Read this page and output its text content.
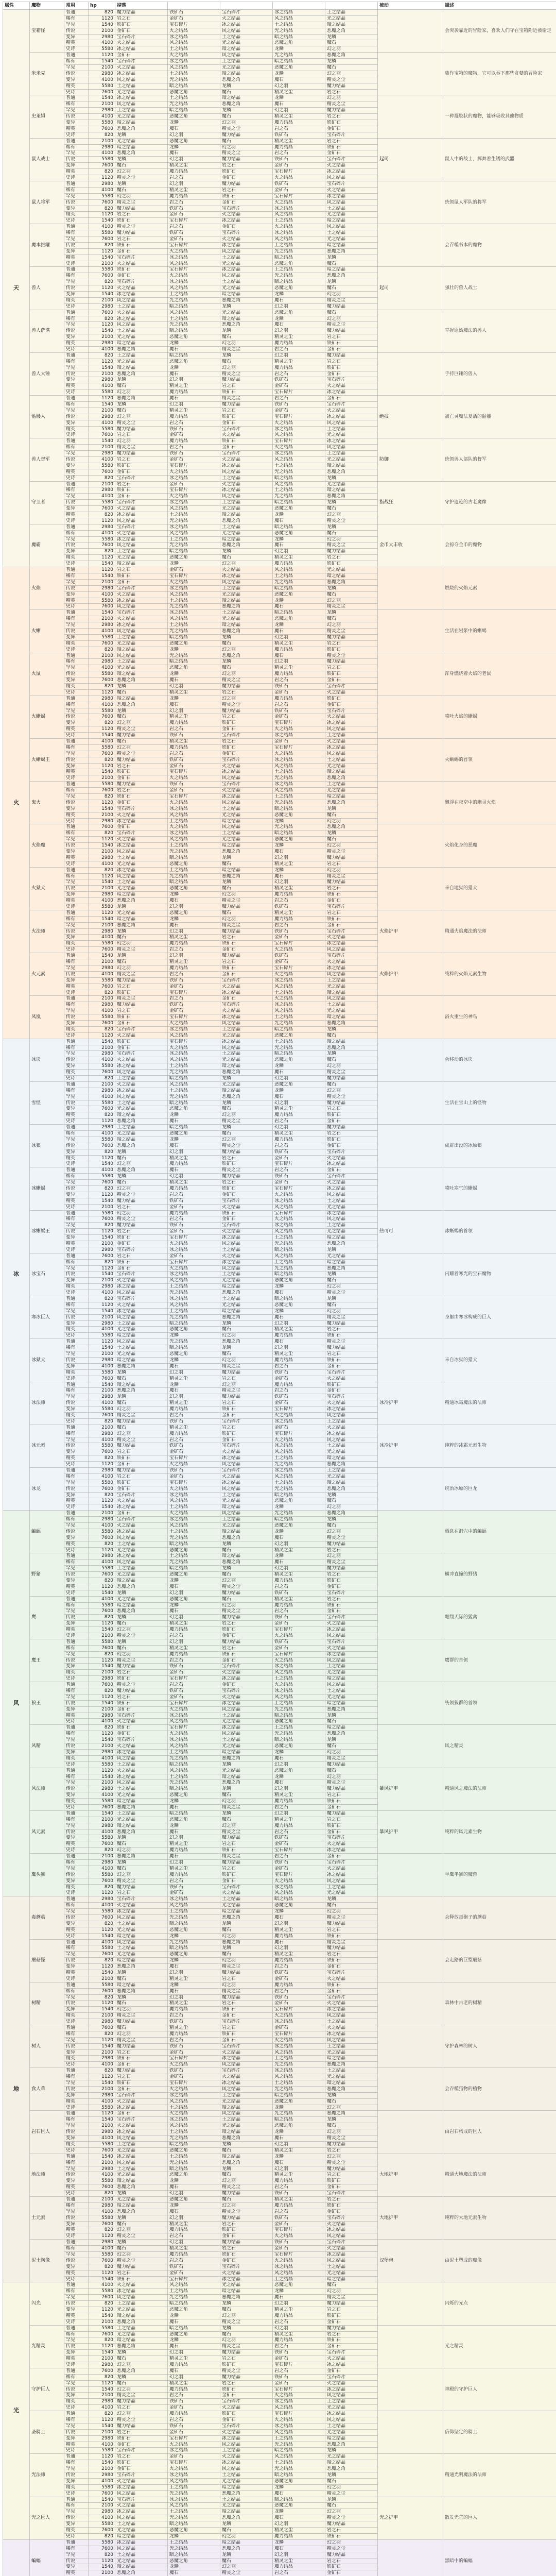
属性	魔物	常用	hp	掉落					被动	描述
天	宝箱怪	普通	820	魔力结晶	铁矿石	宝石碎片	冰之结晶	土之结晶		会突袭靠近的冒险家，喜欢人们守在宝箱附近被偷走
		稀有	1120	岩之石	金矿石	火之结晶	风之结晶	光之结晶		
		罕见	1540	铁矿石	宝石碎片	冰之结晶	土之结晶	暗之结晶		
		传说	2100	金矿石	火之结晶	风之结晶	光之结晶	恶魔之角		
		变异	2980	宝石碎片	冰之结晶	土之结晶	暗之结晶	龙鳞		
		精英	4100	火之结晶	风之结晶	光之结晶	恶魔之角	魔石		
		史诗	5580	冰之结晶	土之结晶	暗之结晶	龙鳞	幻之羽		
	米米克	普通	1120	金矿石	火之结晶	风之结晶	光之结晶	恶魔之角		装作宝箱的魔物，它可以吞下那些贪婪的冒险家
		稀有	1540	宝石碎片	冰之结晶	土之结晶	暗之结晶	龙鳞		
		罕见	2100	火之结晶	风之结晶	光之结晶	恶魔之角	魔石		
		传说	2980	冰之结晶	土之结晶	暗之结晶	龙鳞	幻之羽		
		变异	4100	风之结晶	光之结晶	恶魔之角	魔石	精灵之尘		
		精英	5580	土之结晶	暗之结晶	龙鳞	幻之羽	魔力结晶		
		史诗	7600	光之结晶	恶魔之角	魔石	精灵之尘	岩之石		
	史莱姆	普通	1540	冰之结晶	土之结晶	暗之结晶	龙鳞	幻之羽		一种凝胶状的魔物，能够吸收其他物质
		稀有	2100	风之结晶	光之结晶	恶魔之角	魔石	精灵之尘		
		罕见	2980	土之结晶	暗之结晶	龙鳞	幻之羽	魔力结晶		
		传说	4100	光之结晶	恶魔之角	魔石	精灵之尘	岩之石		
		变异	5580	暗之结晶	龙鳞	幻之羽	魔力结晶	铁矿石		
		精英	7600	恶魔之角	魔石	精灵之尘	岩之石	金矿石		
		史诗	820	龙鳞	幻之羽	魔力结晶	铁矿石	宝石碎片		
	鼠人战士	普通	2100	光之结晶	恶魔之角	魔石	精灵之尘	岩之石	起司	鼠人中的战士，挥舞着生锈的武器
		稀有	2980	暗之结晶	龙鳞	幻之羽	魔力结晶	铁矿石		
		罕见	4100	恶魔之角	魔石	精灵之尘	岩之石	金矿石		
		传说	5580	龙鳞	幻之羽	魔力结晶	铁矿石	宝石碎片		
		变异	7600	魔石	精灵之尘	岩之石	金矿石	火之结晶		
		精英	820	幻之羽	魔力结晶	铁矿石	宝石碎片	冰之结晶		
		史诗	1120	精灵之尘	岩之石	金矿石	火之结晶	风之结晶		
	鼠人将军	普通	2980	龙鳞	幻之羽	魔力结晶	铁矿石	宝石碎片		统领鼠人军队的将军
		稀有	4100	魔石	精灵之尘	岩之石	金矿石	火之结晶		
		罕见	5580	幻之羽	魔力结晶	铁矿石	宝石碎片	冰之结晶		
		传说	7600	精灵之尘	岩之石	金矿石	火之结晶	风之结晶		
		变异	820	魔力结晶	铁矿石	宝石碎片	冰之结晶	土之结晶		
		精英	1120	岩之石	金矿石	火之结晶	风之结晶	光之结晶		
		史诗	1540	铁矿石	宝石碎片	冰之结晶	土之结晶	暗之结晶		
	魔本推罐	普通	4100	精灵之尘	岩之石	金矿石	火之结晶	风之结晶		会吞噬书本的魔物
		稀有	5580	魔力结晶	铁矿石	宝石碎片	冰之结晶	土之结晶		
		罕见	7600	岩之石	金矿石	火之结晶	风之结晶	光之结晶		
		传说	820	铁矿石	宝石碎片	冰之结晶	土之结晶	暗之结晶		
		变异	1120	金矿石	火之结晶	风之结晶	光之结晶	恶魔之角		
		精英	1540	宝石碎片	冰之结晶	土之结晶	暗之结晶	龙鳞		
		史诗	2100	火之结晶	风之结晶	光之结晶	恶魔之角	魔石		
	兽人	普通	5580	铁矿石	宝石碎片	冰之结晶	土之结晶	暗之结晶	起司	强壮的兽人战士
		稀有	7600	金矿石	火之结晶	风之结晶	光之结晶	恶魔之角		
		罕见	820	宝石碎片	冰之结晶	土之结晶	暗之结晶	龙鳞		
		传说	1120	火之结晶	风之结晶	光之结晶	恶魔之角	魔石		
		变异	1540	冰之结晶	土之结晶	暗之结晶	龙鳞	幻之羽		
		精英	2100	风之结晶	光之结晶	恶魔之角	魔石	精灵之尘		
		史诗	2980	土之结晶	暗之结晶	龙鳞	幻之羽	魔力结晶		
	兽人萨满	普通	7600	火之结晶	风之结晶	光之结晶	恶魔之角	魔石		掌握原始魔法的兽人
		稀有	820	冰之结晶	土之结晶	暗之结晶	龙鳞	幻之羽		
		罕见	1120	风之结晶	光之结晶	恶魔之角	魔石	精灵之尘		
		传说	1540	土之结晶	暗之结晶	龙鳞	幻之羽	魔力结晶		
		变异	2100	光之结晶	恶魔之角	魔石	精灵之尘	岩之石		
		精英	2980	暗之结晶	龙鳞	幻之羽	魔力结晶	铁矿石		
		史诗	4100	恶魔之角	魔石	精灵之尘	岩之石	金矿石		
	兽人大锤	普通	820	土之结晶	暗之结晶	龙鳞	幻之羽	魔力结晶		手持巨锤的兽人
		稀有	1120	光之结晶	恶魔之角	魔石	精灵之尘	岩之石		
		罕见	1540	暗之结晶	龙鳞	幻之羽	魔力结晶	铁矿石		
		传说	2100	恶魔之角	魔石	精灵之尘	岩之石	金矿石		
		变异	2980	龙鳞	幻之羽	魔力结晶	铁矿石	宝石碎片		
		精英	4100	魔石	精灵之尘	岩之石	金矿石	火之结晶		
		史诗	5580	幻之羽	魔力结晶	铁矿石	宝石碎片	冰之结晶		
	骷髅人	普通	1120	恶魔之角	魔石	精灵之尘	岩之石	金矿石	绝技	被亡灵魔法复活的骷髅
		稀有	1540	龙鳞	幻之羽	魔力结晶	铁矿石	宝石碎片		
		罕见	2100	魔石	精灵之尘	岩之石	金矿石	火之结晶		
		传说	2980	幻之羽	魔力结晶	铁矿石	宝石碎片	冰之结晶		
		变异	4100	精灵之尘	岩之石	金矿石	火之结晶	风之结晶		
		精英	5580	魔力结晶	铁矿石	宝石碎片	冰之结晶	土之结晶		
		史诗	7600	岩之石	金矿石	火之结晶	风之结晶	光之结晶		
	兽人督军	普通	1540	幻之羽	魔力结晶	铁矿石	宝石碎片	冰之结晶	防御	统领兽人部队的督军
		稀有	2100	精灵之尘	岩之石	金矿石	火之结晶	风之结晶		
		罕见	2980	魔力结晶	铁矿石	宝石碎片	冰之结晶	土之结晶		
		传说	4100	岩之石	金矿石	火之结晶	风之结晶	光之结晶		
		变异	5580	铁矿石	宝石碎片	冰之结晶	土之结晶	暗之结晶		
		精英	7600	金矿石	火之结晶	风之结晶	光之结晶	恶魔之角		
		史诗	820	宝石碎片	冰之结晶	土之结晶	暗之结晶	龙鳞		
	守卫者	普通	2100	岩之石	金矿石	火之结晶	风之结晶	光之结晶	指战狂	守护遗迹的古老魔像
		稀有	2980	铁矿石	宝石碎片	冰之结晶	土之结晶	暗之结晶		
		罕见	4100	金矿石	火之结晶	风之结晶	光之结晶	恶魔之角		
		传说	5580	宝石碎片	冰之结晶	土之结晶	暗之结晶	龙鳞		
		变异	7600	火之结晶	风之结晶	光之结晶	恶魔之角	魔石		
		精英	820	冰之结晶	土之结晶	暗之结晶	龙鳞	幻之羽		
		史诗	1120	风之结晶	光之结晶	恶魔之角	魔石	精灵之尘		
	魔霸	普通	2980	宝石碎片	冰之结晶	土之结晶	暗之结晶	龙鳞	金币大丰收	会掠夺金币的魔物
		稀有	4100	火之结晶	风之结晶	光之结晶	恶魔之角	魔石		
		罕见	5580	冰之结晶	土之结晶	暗之结晶	龙鳞	幻之羽		
		传说	7600	风之结晶	光之结晶	恶魔之角	魔石	精灵之尘		
		变异	820	土之结晶	暗之结晶	龙鳞	幻之羽	魔力结晶		
		精英	1120	光之结晶	恶魔之角	魔石	精灵之尘	岩之石		
		史诗	1540	暗之结晶	龙鳞	幻之羽	魔力结晶	铁矿石		
火	火焰	普通	1120	岩之石	金矿石	火之结晶	风之结晶	光之结晶		燃烧的火焰元素
		稀有	1540	铁矿石	宝石碎片	冰之结晶	土之结晶	暗之结晶		
		罕见	2100	金矿石	火之结晶	风之结晶	光之结晶	恶魔之角		
		传说	2980	宝石碎片	冰之结晶	土之结晶	暗之结晶	龙鳞		
		变异	4100	火之结晶	风之结晶	光之结晶	恶魔之角	魔石		
		精英	5580	冰之结晶	土之结晶	暗之结晶	龙鳞	幻之羽		
		史诗	7600	风之结晶	光之结晶	恶魔之角	魔石	精灵之尘		
	火蜥	普通	1540	宝石碎片	冰之结晶	土之结晶	暗之结晶	龙鳞		生活在岩浆中的蜥蜴
		稀有	2100	火之结晶	风之结晶	光之结晶	恶魔之角	魔石		
		罕见	2980	冰之结晶	土之结晶	暗之结晶	龙鳞	幻之羽		
		传说	4100	风之结晶	光之结晶	恶魔之角	魔石	精灵之尘		
		变异	5580	土之结晶	暗之结晶	龙鳞	幻之羽	魔力结晶		
		精英	7600	光之结晶	恶魔之角	魔石	精灵之尘	岩之石		
		史诗	820	暗之结晶	龙鳞	幻之羽	魔力结晶	铁矿石		
	火鼠	普通	2100	风之结晶	光之结晶	恶魔之角	魔石	精灵之尘		浑身燃烧着火焰的老鼠
		稀有	2980	土之结晶	暗之结晶	龙鳞	幻之羽	魔力结晶		
		罕见	4100	光之结晶	恶魔之角	魔石	精灵之尘	岩之石		
		传说	5580	暗之结晶	龙鳞	幻之羽	魔力结晶	铁矿石		
		变异	7600	恶魔之角	魔石	精灵之尘	岩之石	金矿石		
		精英	820	龙鳞	幻之羽	魔力结晶	铁矿石	宝石碎片		
		史诗	1120	魔石	精灵之尘	岩之石	金矿石	火之结晶		
	火蜥蜴	普通	2980	暗之结晶	龙鳞	幻之羽	魔力结晶	铁矿石		喷吐火焰的蜥蜴
		稀有	4100	恶魔之角	魔石	精灵之尘	岩之石	金矿石		
		罕见	5580	龙鳞	幻之羽	魔力结晶	铁矿石	宝石碎片		
		传说	7600	魔石	精灵之尘	岩之石	金矿石	火之结晶		
		变异	820	幻之羽	魔力结晶	铁矿石	宝石碎片	冰之结晶		
		精英	1120	精灵之尘	岩之石	金矿石	火之结晶	风之结晶		
		史诗	1540	魔力结晶	铁矿石	宝石碎片	冰之结晶	土之结晶		
	火蜥蜴王	普通	4100	魔石	精灵之尘	岩之石	金矿石	火之结晶		火蜥蜴的首领
		稀有	5580	幻之羽	魔力结晶	铁矿石	宝石碎片	冰之结晶		
		罕见	7600	精灵之尘	岩之石	金矿石	火之结晶	风之结晶		
		传说	820	魔力结晶	铁矿石	宝石碎片	冰之结晶	土之结晶		
		变异	1120	岩之石	金矿石	火之结晶	风之结晶	光之结晶		
		精英	1540	铁矿石	宝石碎片	冰之结晶	土之结晶	暗之结晶		
		史诗	2100	金矿石	火之结晶	风之结晶	光之结晶	恶魔之角		
	鬼火	普通	5580	魔力结晶	铁矿石	宝石碎片	冰之结晶	土之结晶		飘浮在夜空中的幽灵火焰
		稀有	7600	岩之石	金矿石	火之结晶	风之结晶	光之结晶		
		罕见	820	铁矿石	宝石碎片	冰之结晶	土之结晶	暗之结晶		
		传说	1120	金矿石	火之结晶	风之结晶	光之结晶	恶魔之角		
		变异	1540	宝石碎片	冰之结晶	土之结晶	暗之结晶	龙鳞		
		精英	2100	火之结晶	风之结晶	光之结晶	恶魔之角	魔石		
		史诗	2980	冰之结晶	土之结晶	暗之结晶	龙鳞	幻之羽		
	火焰魔	普通	7600	金矿石	火之结晶	风之结晶	光之结晶	恶魔之角		火焰化身的恶魔
		稀有	820	宝石碎片	冰之结晶	土之结晶	暗之结晶	龙鳞		
		罕见	1120	火之结晶	风之结晶	光之结晶	恶魔之角	魔石		
		传说	1540	冰之结晶	土之结晶	暗之结晶	龙鳞	幻之羽		
		变异	2100	风之结晶	光之结晶	恶魔之角	魔石	精灵之尘		
		精英	2980	土之结晶	暗之结晶	龙鳞	幻之羽	魔力结晶		
		史诗	4100	光之结晶	恶魔之角	魔石	精灵之尘	岩之石		
	火狱犬	普通	820	冰之结晶	土之结晶	暗之结晶	龙鳞	幻之羽		来自地狱的猎犬
		稀有	1120	风之结晶	光之结晶	恶魔之角	魔石	精灵之尘		
		罕见	1540	土之结晶	暗之结晶	龙鳞	幻之羽	魔力结晶		
		传说	2100	光之结晶	恶魔之角	魔石	精灵之尘	岩之石		
		变异	2980	暗之结晶	龙鳞	幻之羽	魔力结晶	铁矿石		
		精英	4100	恶魔之角	魔石	精灵之尘	岩之石	金矿石		
		史诗	5580	龙鳞	幻之羽	魔力结晶	铁矿石	宝石碎片		
	火法师	普通	1120	光之结晶	恶魔之角	魔石	精灵之尘	岩之石	火焰护甲	精通火焰魔法的法师
		稀有	1540	暗之结晶	龙鳞	幻之羽	魔力结晶	铁矿石		
		罕见	2100	恶魔之角	魔石	精灵之尘	岩之石	金矿石		
		传说	2980	龙鳞	幻之羽	魔力结晶	铁矿石	宝石碎片		
		变异	4100	魔石	精灵之尘	岩之石	金矿石	火之结晶		
		精英	5580	幻之羽	魔力结晶	铁矿石	宝石碎片	冰之结晶		
		史诗	7600	精灵之尘	岩之石	金矿石	火之结晶	风之结晶		
	火元素	普通	1540	龙鳞	幻之羽	魔力结晶	铁矿石	宝石碎片	火焰护甲	纯粹的火焰元素生物
		稀有	2100	魔石	精灵之尘	岩之石	金矿石	火之结晶		
		罕见	2980	幻之羽	魔力结晶	铁矿石	宝石碎片	冰之结晶		
		传说	4100	精灵之尘	岩之石	金矿石	火之结晶	风之结晶		
		变异	5580	魔力结晶	铁矿石	宝石碎片	冰之结晶	土之结晶		
		精英	7600	岩之石	金矿石	火之结晶	风之结晶	光之结晶		
		史诗	820	铁矿石	宝石碎片	冰之结晶	土之结晶	暗之结晶		
	凤凰	普通	2100	精灵之尘	岩之石	金矿石	火之结晶	风之结晶		浴火重生的神鸟
		稀有	2980	魔力结晶	铁矿石	宝石碎片	冰之结晶	土之结晶		
		罕见	4100	岩之石	金矿石	火之结晶	风之结晶	光之结晶		
		传说	5580	铁矿石	宝石碎片	冰之结晶	土之结晶	暗之结晶		
		变异	7600	金矿石	火之结晶	风之结晶	光之结晶	恶魔之角		
		精英	820	宝石碎片	冰之结晶	土之结晶	暗之结晶	龙鳞		
		史诗	1120	火之结晶	风之结晶	光之结晶	恶魔之角	魔石		
冰	冰块	普通	1540	铁矿石	宝石碎片	冰之结晶	土之结晶	暗之结晶		会移动的冰块
		稀有	2100	金矿石	火之结晶	风之结晶	光之结晶	恶魔之角		
		罕见	2980	宝石碎片	冰之结晶	土之结晶	暗之结晶	龙鳞		
		传说	4100	火之结晶	风之结晶	光之结晶	恶魔之角	魔石		
		变异	5580	冰之结晶	土之结晶	暗之结晶	龙鳞	幻之羽		
		精英	7600	风之结晶	光之结晶	恶魔之角	魔石	精灵之尘		
		史诗	820	土之结晶	暗之结晶	龙鳞	幻之羽	魔力结晶		
	雪怪	普通	2100	火之结晶	风之结晶	光之结晶	恶魔之角	魔石		生活在雪山上的怪物
		稀有	2980	冰之结晶	土之结晶	暗之结晶	龙鳞	幻之羽		
		罕见	4100	风之结晶	光之结晶	恶魔之角	魔石	精灵之尘		
		传说	5580	土之结晶	暗之结晶	龙鳞	幻之羽	魔力结晶		
		变异	7600	光之结晶	恶魔之角	魔石	精灵之尘	岩之石		
		精英	820	暗之结晶	龙鳞	幻之羽	魔力结晶	铁矿石		
		史诗	1120	恶魔之角	魔石	精灵之尘	岩之石	金矿石		
	冰狼	普通	2980	土之结晶	暗之结晶	龙鳞	幻之羽	魔力结晶		成群出没的冰原狼
		稀有	4100	光之结晶	恶魔之角	魔石	精灵之尘	岩之石		
		罕见	5580	暗之结晶	龙鳞	幻之羽	魔力结晶	铁矿石		
		传说	7600	恶魔之角	魔石	精灵之尘	岩之石	金矿石		
		变异	820	龙鳞	幻之羽	魔力结晶	铁矿石	宝石碎片		
		精英	1120	魔石	精灵之尘	岩之石	金矿石	火之结晶		
		史诗	1540	幻之羽	魔力结晶	铁矿石	宝石碎片	冰之结晶		
	冰蜥蜴	普通	4100	恶魔之角	魔石	精灵之尘	岩之石	金矿石		喷吐寒气的蜥蜴
		稀有	5580	龙鳞	幻之羽	魔力结晶	铁矿石	宝石碎片		
		罕见	7600	魔石	精灵之尘	岩之石	金矿石	火之结晶		
		传说	820	幻之羽	魔力结晶	铁矿石	宝石碎片	冰之结晶		
		变异	1120	精灵之尘	岩之石	金矿石	火之结晶	风之结晶		
		精英	1540	魔力结晶	铁矿石	宝石碎片	冰之结晶	土之结晶		
		史诗	2100	岩之石	金矿石	火之结晶	风之结晶	光之结晶		
	冰蜥蜴王	普通	5580	幻之羽	魔力结晶	铁矿石	宝石碎片	冰之结晶	热可可	冰蜥蜴的首领
		稀有	7600	精灵之尘	岩之石	金矿石	火之结晶	风之结晶		
		罕见	820	魔力结晶	铁矿石	宝石碎片	冰之结晶	土之结晶		
		传说	1120	岩之石	金矿石	火之结晶	风之结晶	光之结晶		
		变异	1540	铁矿石	宝石碎片	冰之结晶	土之结晶	暗之结晶		
		精英	2100	金矿石	火之结晶	风之结晶	光之结晶	恶魔之角		
		史诗	2980	宝石碎片	冰之结晶	土之结晶	暗之结晶	龙鳞		
	冰宝石	普通	7600	岩之石	金矿石	火之结晶	风之结晶	光之结晶		闪耀着寒光的宝石魔物
		稀有	820	铁矿石	宝石碎片	冰之结晶	土之结晶	暗之结晶		
		罕见	1120	金矿石	火之结晶	风之结晶	光之结晶	恶魔之角		
		传说	1540	宝石碎片	冰之结晶	土之结晶	暗之结晶	龙鳞		
		变异	2100	火之结晶	风之结晶	光之结晶	恶魔之角	魔石		
		精英	2980	冰之结晶	土之结晶	暗之结晶	龙鳞	幻之羽		
		史诗	4100	风之结晶	光之结晶	恶魔之角	魔石	精灵之尘		
	寒冰巨人	普通	820	宝石碎片	冰之结晶	土之结晶	暗之结晶	龙鳞		身躯由寒冰构成的巨人
		稀有	1120	火之结晶	风之结晶	光之结晶	恶魔之角	魔石		
		罕见	1540	冰之结晶	土之结晶	暗之结晶	龙鳞	幻之羽		
		传说	2100	风之结晶	光之结晶	恶魔之角	魔石	精灵之尘		
		变异	2980	土之结晶	暗之结晶	龙鳞	幻之羽	魔力结晶		
		精英	4100	光之结晶	恶魔之角	魔石	精灵之尘	岩之石		
		史诗	5580	暗之结晶	龙鳞	幻之羽	魔力结晶	铁矿石		
	冰狱犬	普通	1120	风之结晶	光之结晶	恶魔之角	魔石	精灵之尘		来自冰狱的猎犬
		稀有	1540	土之结晶	暗之结晶	龙鳞	幻之羽	魔力结晶		
		罕见	2100	光之结晶	恶魔之角	魔石	精灵之尘	岩之石		
		传说	2980	暗之结晶	龙鳞	幻之羽	魔力结晶	铁矿石		
		变异	4100	恶魔之角	魔石	精灵之尘	岩之石	金矿石		
		精英	5580	龙鳞	幻之羽	魔力结晶	铁矿石	宝石碎片		
		史诗	7600	魔石	精灵之尘	岩之石	金矿石	火之结晶		
	冰法师	普通	1540	暗之结晶	龙鳞	幻之羽	魔力结晶	铁矿石	冰冷护甲	精通冰霜魔法的法师
		稀有	2100	恶魔之角	魔石	精灵之尘	岩之石	金矿石		
		罕见	2980	龙鳞	幻之羽	魔力结晶	铁矿石	宝石碎片		
		传说	4100	魔石	精灵之尘	岩之石	金矿石	火之结晶		
		变异	5580	幻之羽	魔力结晶	铁矿石	宝石碎片	冰之结晶		
		精英	7600	精灵之尘	岩之石	金矿石	火之结晶	风之结晶		
		史诗	820	魔力结晶	铁矿石	宝石碎片	冰之结晶	土之结晶		
	冰元素	普通	2100	魔石	精灵之尘	岩之石	金矿石	火之结晶	冰冷护甲	纯粹的冰霜元素生物
		稀有	2980	幻之羽	魔力结晶	铁矿石	宝石碎片	冰之结晶		
		罕见	4100	精灵之尘	岩之石	金矿石	火之结晶	风之结晶		
		传说	5580	魔力结晶	铁矿石	宝石碎片	冰之结晶	土之结晶		
		变异	7600	岩之石	金矿石	火之结晶	风之结晶	光之结晶		
		精英	820	铁矿石	宝石碎片	冰之结晶	土之结晶	暗之结晶		
		史诗	1120	金矿石	火之结晶	风之结晶	光之结晶	恶魔之角		
	冰龙	普通	2980	魔力结晶	铁矿石	宝石碎片	冰之结晶	土之结晶		统治冰原的巨龙
		稀有	4100	岩之石	金矿石	火之结晶	风之结晶	光之结晶		
		罕见	5580	铁矿石	宝石碎片	冰之结晶	土之结晶	暗之结晶		
		传说	7600	金矿石	火之结晶	风之结晶	光之结晶	恶魔之角		
		变异	820	宝石碎片	冰之结晶	土之结晶	暗之结晶	龙鳞		
		精英	1120	火之结晶	风之结晶	光之结晶	恶魔之角	魔石		
		史诗	1540	冰之结晶	土之结晶	暗之结晶	龙鳞	幻之羽		
风	蝙蝠	普通	2100	金矿石	火之结晶	风之结晶	光之结晶	恶魔之角		栖息在洞穴中的蝙蝠
		稀有	2980	宝石碎片	冰之结晶	土之结晶	暗之结晶	龙鳞		
		罕见	4100	火之结晶	风之结晶	光之结晶	恶魔之角	魔石		
		传说	5580	冰之结晶	土之结晶	暗之结晶	龙鳞	幻之羽		
		变异	7600	风之结晶	光之结晶	恶魔之角	魔石	精灵之尘		
		精英	820	土之结晶	暗之结晶	龙鳞	幻之羽	魔力结晶		
		史诗	1120	光之结晶	恶魔之角	魔石	精灵之尘	岩之石		
	野猪	普通	2980	冰之结晶	土之结晶	暗之结晶	龙鳞	幻之羽		横冲直撞的野猪
		稀有	4100	风之结晶	光之结晶	恶魔之角	魔石	精灵之尘		
		罕见	5580	土之结晶	暗之结晶	龙鳞	幻之羽	魔力结晶		
		传说	7600	光之结晶	恶魔之角	魔石	精灵之尘	岩之石		
		变异	820	暗之结晶	龙鳞	幻之羽	魔力结晶	铁矿石		
		精英	1120	恶魔之角	魔石	精灵之尘	岩之石	金矿石		
		史诗	1540	龙鳞	幻之羽	魔力结晶	铁矿石	宝石碎片		
	鹰	普通	4100	光之结晶	恶魔之角	魔石	精灵之尘	岩之石		翱翔天际的猛禽
		稀有	5580	暗之结晶	龙鳞	幻之羽	魔力结晶	铁矿石		
		罕见	7600	恶魔之角	魔石	精灵之尘	岩之石	金矿石		
		传说	820	龙鳞	幻之羽	魔力结晶	铁矿石	宝石碎片		
		变异	1120	魔石	精灵之尘	岩之石	金矿石	火之结晶		
		精英	1540	幻之羽	魔力结晶	铁矿石	宝石碎片	冰之结晶		
		史诗	2100	精灵之尘	岩之石	金矿石	火之结晶	风之结晶		
	鹰王	普通	5580	龙鳞	幻之羽	魔力结晶	铁矿石	宝石碎片		鹰群的首领
		稀有	7600	魔石	精灵之尘	岩之石	金矿石	火之结晶		
		罕见	820	幻之羽	魔力结晶	铁矿石	宝石碎片	冰之结晶		
		传说	1120	精灵之尘	岩之石	金矿石	火之结晶	风之结晶		
		变异	1540	魔力结晶	铁矿石	宝石碎片	冰之结晶	土之结晶		
		精英	2100	岩之石	金矿石	火之结晶	风之结晶	光之结晶		
		史诗	2980	铁矿石	宝石碎片	冰之结晶	土之结晶	暗之结晶		
	狼王	普通	7600	精灵之尘	岩之石	金矿石	火之结晶	风之结晶		统领狼群的首领
		稀有	820	魔力结晶	铁矿石	宝石碎片	冰之结晶	土之结晶		
		罕见	1120	岩之石	金矿石	火之结晶	风之结晶	光之结晶		
		传说	1540	铁矿石	宝石碎片	冰之结晶	土之结晶	暗之结晶		
		变异	2100	金矿石	火之结晶	风之结晶	光之结晶	恶魔之角		
		精英	2980	宝石碎片	冰之结晶	土之结晶	暗之结晶	龙鳞		
		史诗	4100	火之结晶	风之结晶	光之结晶	恶魔之角	魔石		
	风精	普通	820	铁矿石	宝石碎片	冰之结晶	土之结晶	暗之结晶		风之精灵
		稀有	1120	金矿石	火之结晶	风之结晶	光之结晶	恶魔之角		
		罕见	1540	宝石碎片	冰之结晶	土之结晶	暗之结晶	龙鳞		
		传说	2100	火之结晶	风之结晶	光之结晶	恶魔之角	魔石		
		变异	2980	冰之结晶	土之结晶	暗之结晶	龙鳞	幻之羽		
		精英	4100	风之结晶	光之结晶	恶魔之角	魔石	精灵之尘		
		史诗	5580	土之结晶	暗之结晶	龙鳞	幻之羽	魔力结晶		
	风法师	普通	1120	火之结晶	风之结晶	光之结晶	恶魔之角	魔石	暴风护甲	精通风之魔法的法师
		稀有	1540	冰之结晶	土之结晶	暗之结晶	龙鳞	幻之羽		
		罕见	2100	风之结晶	光之结晶	恶魔之角	魔石	精灵之尘		
		传说	2980	土之结晶	暗之结晶	龙鳞	幻之羽	魔力结晶		
		变异	4100	光之结晶	恶魔之角	魔石	精灵之尘	岩之石		
		精英	5580	暗之结晶	龙鳞	幻之羽	魔力结晶	铁矿石		
		史诗	7600	恶魔之角	魔石	精灵之尘	岩之石	金矿石		
	风元素	普通	1540	土之结晶	暗之结晶	龙鳞	幻之羽	魔力结晶	暴风护甲	纯粹的风元素生物
		稀有	2100	光之结晶	恶魔之角	魔石	精灵之尘	岩之石		
		罕见	2980	暗之结晶	龙鳞	幻之羽	魔力结晶	铁矿石		
		传说	4100	恶魔之角	魔石	精灵之尘	岩之石	金矿石		
		变异	5580	龙鳞	幻之羽	魔力结晶	铁矿石	宝石碎片		
		精英	7600	魔石	精灵之尘	岩之石	金矿石	火之结晶		
		史诗	820	幻之羽	魔力结晶	铁矿石	宝石碎片	冰之结晶		
	鹰头狮	普通	2100	恶魔之角	魔石	精灵之尘	岩之石	金矿石		半鹰半狮的魔兽
		稀有	2980	龙鳞	幻之羽	魔力结晶	铁矿石	宝石碎片		
		罕见	4100	魔石	精灵之尘	岩之石	金矿石	火之结晶		
		传说	5580	幻之羽	魔力结晶	铁矿石	宝石碎片	冰之结晶		
		变异	7600	精灵之尘	岩之石	金矿石	火之结晶	风之结晶		
		精英	820	魔力结晶	铁矿石	宝石碎片	冰之结晶	土之结晶		
		史诗	1120	岩之石	金矿石	火之结晶	风之结晶	光之结晶		
地	毒蘑菇	普通	2980	宝石碎片	冰之结晶	土之结晶	暗之结晶	龙鳞		会释放毒孢子的蘑菇
		稀有	4100	火之结晶	风之结晶	光之结晶	恶魔之角	魔石		
		罕见	5580	冰之结晶	土之结晶	暗之结晶	龙鳞	幻之羽		
		传说	7600	风之结晶	光之结晶	恶魔之角	魔石	精灵之尘		
		变异	820	土之结晶	暗之结晶	龙鳞	幻之羽	魔力结晶		
		精英	1120	光之结晶	恶魔之角	魔石	精灵之尘	岩之石		
		史诗	1540	暗之结晶	龙鳞	幻之羽	魔力结晶	铁矿石		
	蘑菇怪	普通	4100	风之结晶	光之结晶	恶魔之角	魔石	精灵之尘		会走路的巨型蘑菇
		稀有	5580	土之结晶	暗之结晶	龙鳞	幻之羽	魔力结晶		
		罕见	7600	光之结晶	恶魔之角	魔石	精灵之尘	岩之石		
		传说	820	暗之结晶	龙鳞	幻之羽	魔力结晶	铁矿石		
		变异	1120	恶魔之角	魔石	精灵之尘	岩之石	金矿石		
		精英	1540	龙鳞	幻之羽	魔力结晶	铁矿石	宝石碎片		
		史诗	2100	魔石	精灵之尘	岩之石	金矿石	火之结晶		
	树精	普通	5580	暗之结晶	龙鳞	幻之羽	魔力结晶	铁矿石		森林中古老的树精
		稀有	7600	恶魔之角	魔石	精灵之尘	岩之石	金矿石		
		罕见	820	龙鳞	幻之羽	魔力结晶	铁矿石	宝石碎片		
		传说	1120	魔石	精灵之尘	岩之石	金矿石	火之结晶		
		变异	1540	幻之羽	魔力结晶	铁矿石	宝石碎片	冰之结晶		
		精英	2100	精灵之尘	岩之石	金矿石	火之结晶	风之结晶		
		史诗	2980	魔力结晶	铁矿石	宝石碎片	冰之结晶	土之结晶		
	树人	普通	7600	魔石	精灵之尘	岩之石	金矿石	火之结晶		守护森林的树人
		稀有	820	幻之羽	魔力结晶	铁矿石	宝石碎片	冰之结晶		
		罕见	1120	精灵之尘	岩之石	金矿石	火之结晶	风之结晶		
		传说	1540	魔力结晶	铁矿石	宝石碎片	冰之结晶	土之结晶		
		变异	2100	岩之石	金矿石	火之结晶	风之结晶	光之结晶		
		精英	2980	铁矿石	宝石碎片	冰之结晶	土之结晶	暗之结晶		
		史诗	4100	金矿石	火之结晶	风之结晶	光之结晶	恶魔之角		
	食人草	普通	820	魔力结晶	铁矿石	宝石碎片	冰之结晶	土之结晶		会吞噬猎物的植物
		稀有	1120	岩之石	金矿石	火之结晶	风之结晶	光之结晶		
		罕见	1540	铁矿石	宝石碎片	冰之结晶	土之结晶	暗之结晶		
		传说	2100	金矿石	火之结晶	风之结晶	光之结晶	恶魔之角		
		变异	2980	宝石碎片	冰之结晶	土之结晶	暗之结晶	龙鳞		
		精英	4100	火之结晶	风之结晶	光之结晶	恶魔之角	魔石		
		史诗	5580	冰之结晶	土之结晶	暗之结晶	龙鳞	幻之羽		
	岩石巨人	普通	1120	金矿石	火之结晶	风之结晶	光之结晶	恶魔之角		由岩石构成的巨人
		稀有	1540	宝石碎片	冰之结晶	土之结晶	暗之结晶	龙鳞		
		罕见	2100	火之结晶	风之结晶	光之结晶	恶魔之角	魔石		
		传说	2980	冰之结晶	土之结晶	暗之结晶	龙鳞	幻之羽		
		变异	4100	风之结晶	光之结晶	恶魔之角	魔石	精灵之尘		
		精英	5580	土之结晶	暗之结晶	龙鳞	幻之羽	魔力结晶		
		史诗	7600	光之结晶	恶魔之角	魔石	精灵之尘	岩之石		
	地法师	普通	1540	冰之结晶	土之结晶	暗之结晶	龙鳞	幻之羽	大地护甲	精通大地魔法的法师
		稀有	2100	风之结晶	光之结晶	恶魔之角	魔石	精灵之尘		
		罕见	2980	土之结晶	暗之结晶	龙鳞	幻之羽	魔力结晶		
		传说	4100	光之结晶	恶魔之角	魔石	精灵之尘	岩之石		
		变异	5580	暗之结晶	龙鳞	幻之羽	魔力结晶	铁矿石		
		精英	7600	恶魔之角	魔石	精灵之尘	岩之石	金矿石		
		史诗	820	龙鳞	幻之羽	魔力结晶	铁矿石	宝石碎片		
	土元素	普通	2100	光之结晶	恶魔之角	魔石	精灵之尘	岩之石	大地护甲	纯粹的大地元素生物
		稀有	2980	暗之结晶	龙鳞	幻之羽	魔力结晶	铁矿石		
		罕见	4100	恶魔之角	魔石	精灵之尘	岩之石	金矿石		
		传说	5580	龙鳞	幻之羽	魔力结晶	铁矿石	宝石碎片		
		变异	7600	魔石	精灵之尘	岩之石	金矿石	火之结晶		
		精英	820	幻之羽	魔力结晶	铁矿石	宝石碎片	冰之结晶		
		史诗	1120	精灵之尘	岩之石	金矿石	火之结晶	风之结晶		
	泥土陶像	普通	2980	龙鳞	幻之羽	魔力结晶	铁矿石	宝石碎片	汉堡包	由泥土塑成的魔像
		稀有	4100	魔石	精灵之尘	岩之石	金矿石	火之结晶		
		罕见	5580	幻之羽	魔力结晶	铁矿石	宝石碎片	冰之结晶		
		传说	7600	精灵之尘	岩之石	金矿石	火之结晶	风之结晶		
		变异	820	魔力结晶	铁矿石	宝石碎片	冰之结晶	土之结晶		
		精英	1120	岩之石	金矿石	火之结晶	风之结晶	光之结晶		
		史诗	1540	铁矿石	宝石碎片	冰之结晶	土之结晶	暗之结晶		
光	闪光	普通	4100	火之结晶	风之结晶	光之结晶	恶魔之角	魔石		闪烁的光点
		稀有	5580	冰之结晶	土之结晶	暗之结晶	龙鳞	幻之羽		
		罕见	7600	风之结晶	光之结晶	恶魔之角	魔石	精灵之尘		
		传说	820	土之结晶	暗之结晶	龙鳞	幻之羽	魔力结晶		
		变异	1120	光之结晶	恶魔之角	魔石	精灵之尘	岩之石		
		精英	1540	暗之结晶	龙鳞	幻之羽	魔力结晶	铁矿石		
		史诗	2100	恶魔之角	魔石	精灵之尘	岩之石	金矿石		
	光精灵	普通	5580	土之结晶	暗之结晶	龙鳞	幻之羽	魔力结晶		光之精灵
		稀有	7600	光之结晶	恶魔之角	魔石	精灵之尘	岩之石		
		罕见	820	暗之结晶	龙鳞	幻之羽	魔力结晶	铁矿石		
		传说	1120	恶魔之角	魔石	精灵之尘	岩之石	金矿石		
		变异	1540	龙鳞	幻之羽	魔力结晶	铁矿石	宝石碎片		
		精英	2100	魔石	精灵之尘	岩之石	金矿石	火之结晶		
		史诗	2980	幻之羽	魔力结晶	铁矿石	宝石碎片	冰之结晶		
	守护巨人	普通	7600	恶魔之角	魔石	精灵之尘	岩之石	金矿石		神殿的守护巨人
		稀有	820	龙鳞	幻之羽	魔力结晶	铁矿石	宝石碎片		
		罕见	1120	魔石	精灵之尘	岩之石	金矿石	火之结晶		
		传说	1540	幻之羽	魔力结晶	铁矿石	宝石碎片	冰之结晶		
		变异	2100	精灵之尘	岩之石	金矿石	火之结晶	风之结晶		
		精英	2980	魔力结晶	铁矿石	宝石碎片	冰之结晶	土之结晶		
		史诗	4100	岩之石	金矿石	火之结晶	风之结晶	光之结晶		
	圣骑士	普通	820	幻之羽	魔力结晶	铁矿石	宝石碎片	冰之结晶		信仰坚定的骑士
		稀有	1120	精灵之尘	岩之石	金矿石	火之结晶	风之结晶		
		罕见	1540	魔力结晶	铁矿石	宝石碎片	冰之结晶	土之结晶		
		传说	2100	岩之石	金矿石	火之结晶	风之结晶	光之结晶		
		变异	2980	铁矿石	宝石碎片	冰之结晶	土之结晶	暗之结晶		
		精英	4100	金矿石	火之结晶	风之结晶	光之结晶	恶魔之角		
		史诗	5580	宝石碎片	冰之结晶	土之结晶	暗之结晶	龙鳞		
	光法师	普通	1120	岩之石	金矿石	火之结晶	风之结晶	光之结晶		精通光明魔法的法师
		稀有	1540	铁矿石	宝石碎片	冰之结晶	土之结晶	暗之结晶		
		罕见	2100	金矿石	火之结晶	风之结晶	光之结晶	恶魔之角		
		传说	2980	宝石碎片	冰之结晶	土之结晶	暗之结晶	龙鳞		
		变异	4100	火之结晶	风之结晶	光之结晶	恶魔之角	魔石		
		精英	5580	冰之结晶	土之结晶	暗之结晶	龙鳞	幻之羽		
		史诗	7600	风之结晶	光之结晶	恶魔之角	魔石	精灵之尘		
	光之巨人	普通	1540	宝石碎片	冰之结晶	土之结晶	暗之结晶	龙鳞	光之护甲	散发光芒的巨人
		稀有	2100	火之结晶	风之结晶	光之结晶	恶魔之角	魔石		
		罕见	2980	冰之结晶	土之结晶	暗之结晶	龙鳞	幻之羽		
		传说	4100	风之结晶	光之结晶	恶魔之角	魔石	精灵之尘		
		变异	5580	土之结晶	暗之结晶	龙鳞	幻之羽	魔力结晶		
		精英	7600	光之结晶	恶魔之角	魔石	精灵之尘	岩之石		
		史诗	820	暗之结晶	龙鳞	幻之羽	魔力结晶	铁矿石		
	蝙蝠	普通	5580	冰之结晶	土之结晶	暗之结晶	龙鳞	幻之羽		黑暗中的蝙蝠
		稀有	7600	风之结晶	光之结晶	恶魔之角	魔石	精灵之尘		
		罕见	820	土之结晶	暗之结晶	龙鳞	幻之羽	魔力结晶		
		传说	1120	光之结晶	恶魔之角	魔石	精灵之尘	岩之石		
		变异	1540	暗之结晶	龙鳞	幻之羽	魔力结晶	铁矿石		
		精英	2100	恶魔之角	魔石	精灵之尘	岩之石	金矿石		
